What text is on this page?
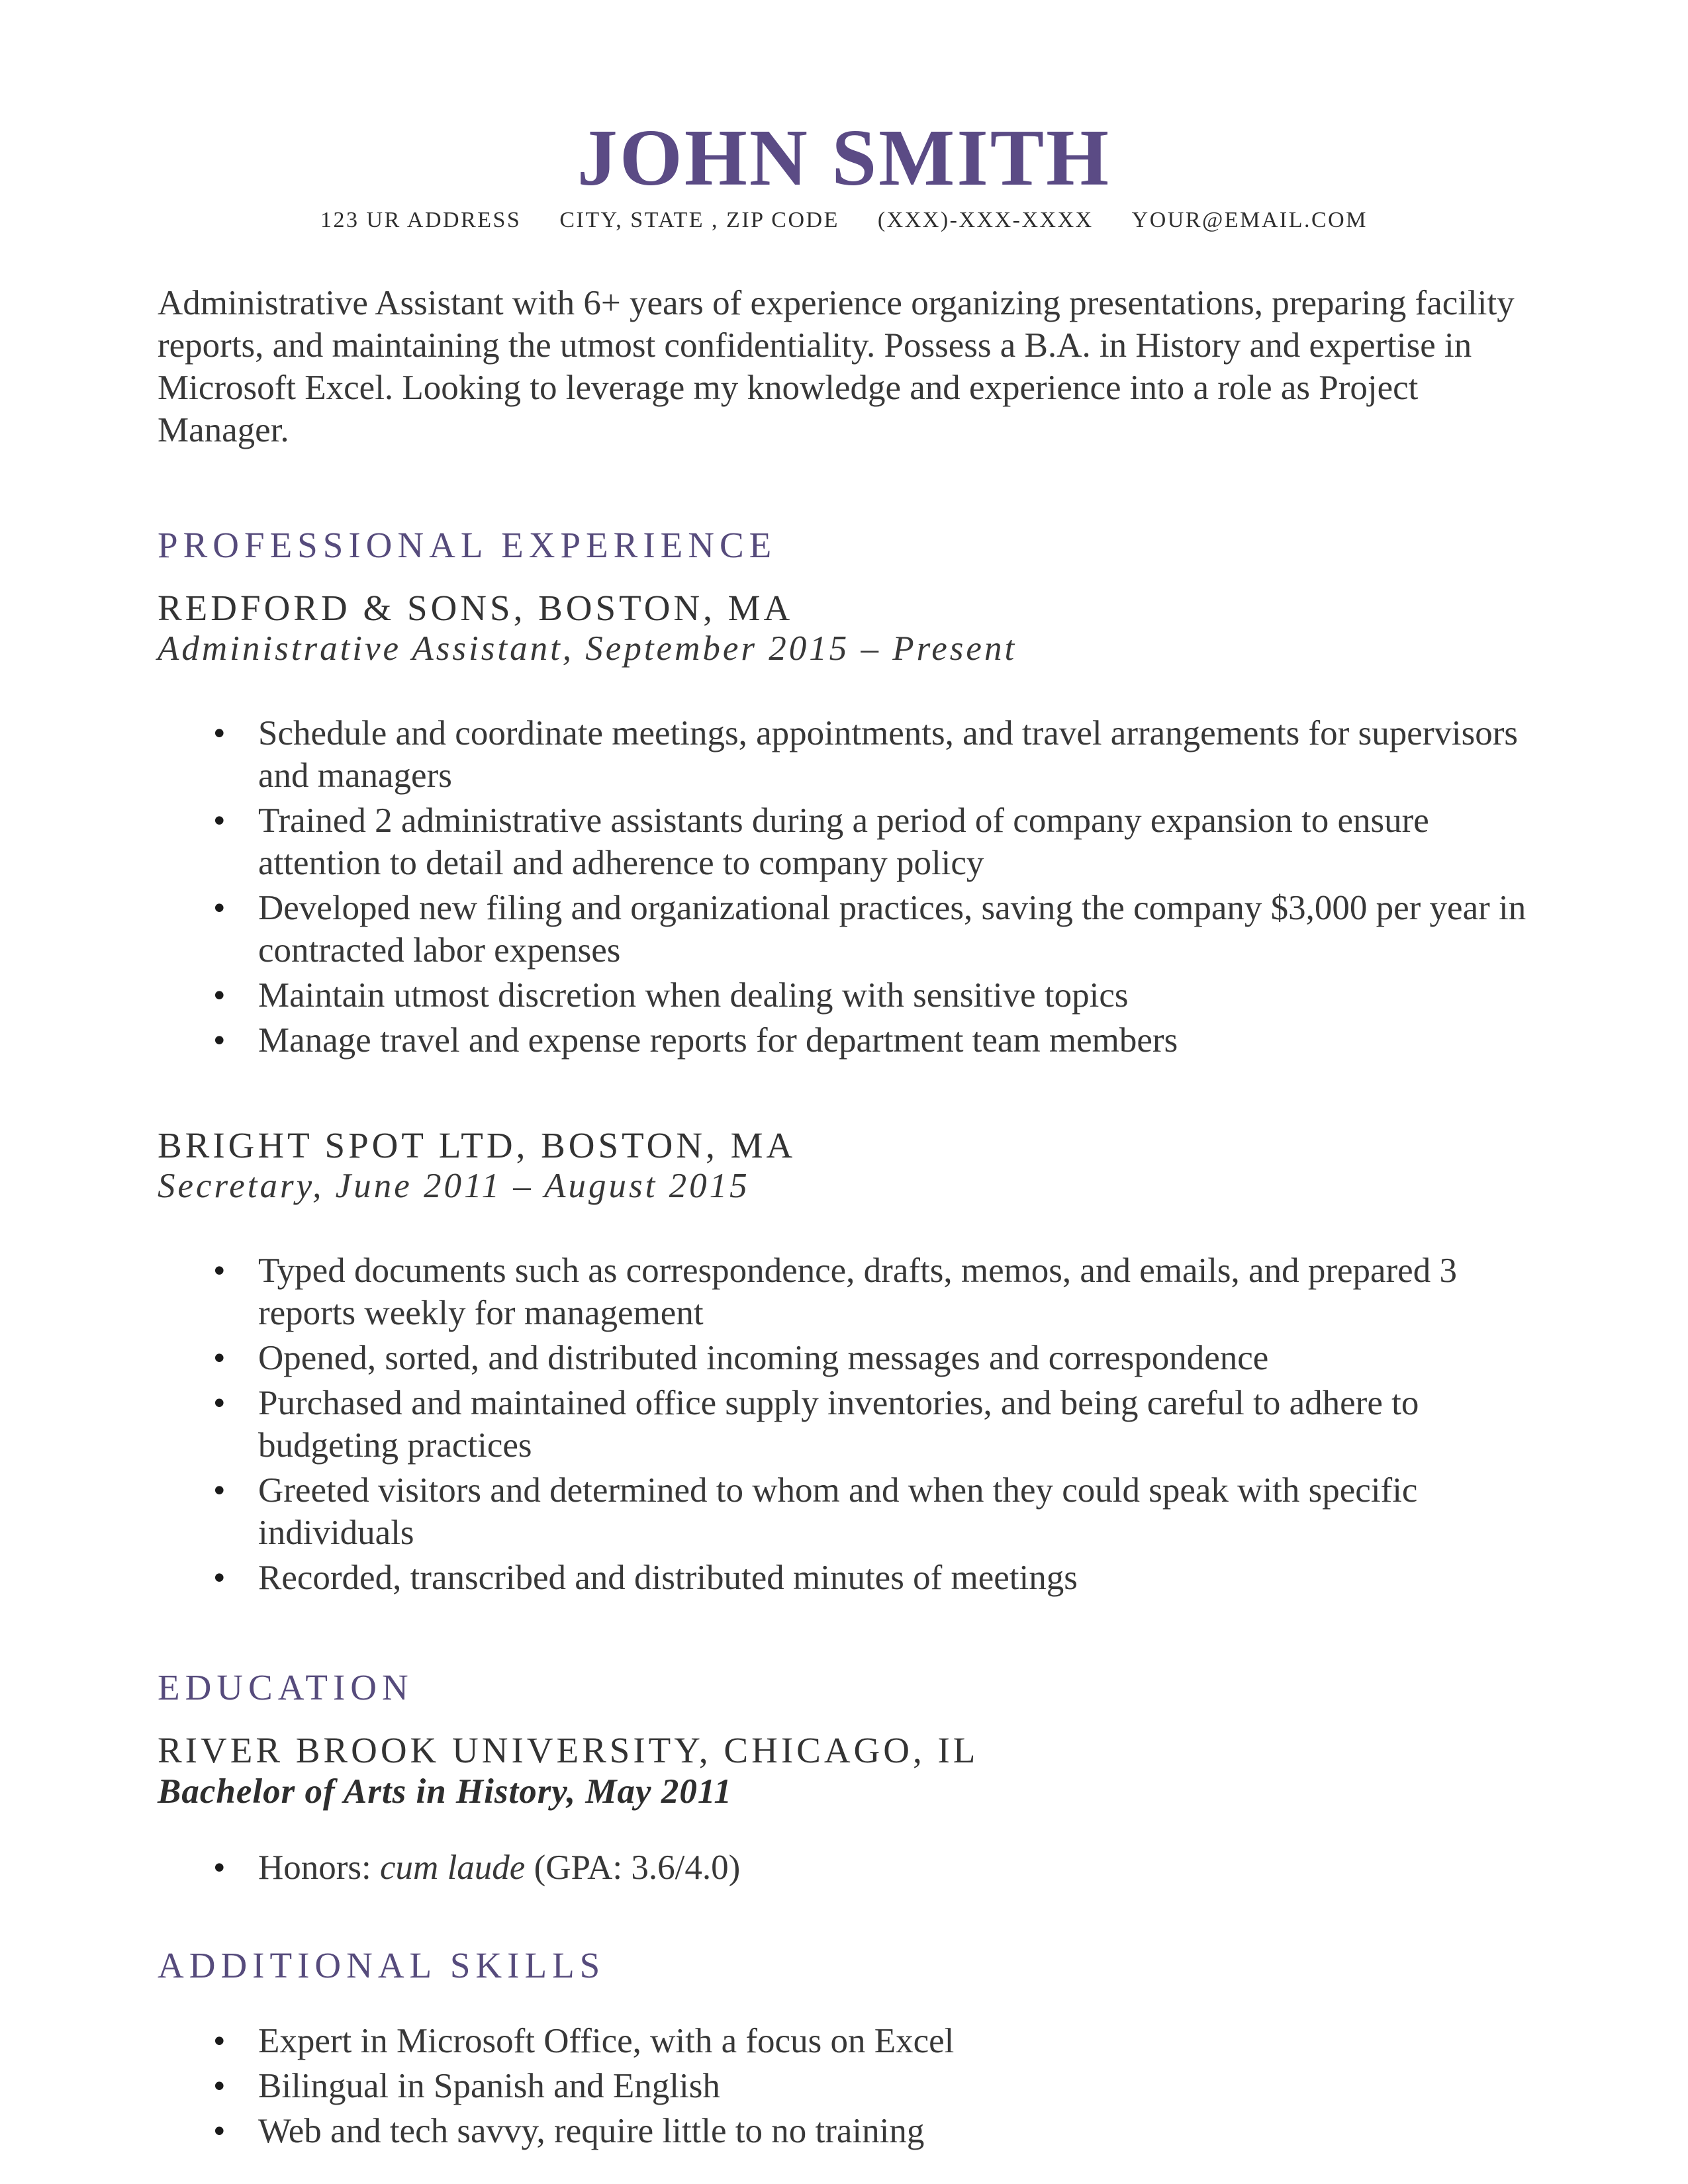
JOHN SMITH
123 UR ADDRESS CITY, STATE , ZIP CODE (XXX)-XXX-XXXX YOUR@EMAIL.COM

Administrative Assistant with 6+ years of experience organizing presentations, preparing facility reports, and maintaining the utmost confidentiality. Possess a B.A. in History and expertise in Microsoft Excel. Looking to leverage my knowledge and experience into a role as Project Manager.

PROFESSIONAL EXPERIENCE
REDFORD & SONS, BOSTON, MA
Administrative Assistant, September 2015 – Present
• Schedule and coordinate meetings, appointments, and travel arrangements for supervisors and managers
• Trained 2 administrative assistants during a period of company expansion to ensure attention to detail and adherence to company policy
• Developed new filing and organizational practices, saving the company $3,000 per year in contracted labor expenses
• Maintain utmost discretion when dealing with sensitive topics
• Manage travel and expense reports for department team members
BRIGHT SPOT LTD, BOSTON, MA
Secretary, June 2011 – August 2015
• Typed documents such as correspondence, drafts, memos, and emails, and prepared 3 reports weekly for management
• Opened, sorted, and distributed incoming messages and correspondence
• Purchased and maintained office supply inventories, and being careful to adhere to budgeting practices
• Greeted visitors and determined to whom and when they could speak with specific individuals
• Recorded, transcribed and distributed minutes of meetings
EDUCATION
RIVER BROOK UNIVERSITY, CHICAGO, IL
Bachelor of Arts in History, May 2011
• Honors: cum laude (GPA: 3.6/4.0)
ADDITIONAL SKILLS
• Expert in Microsoft Office, with a focus on Excel
• Bilingual in Spanish and English
• Web and tech savvy, require little to no training
